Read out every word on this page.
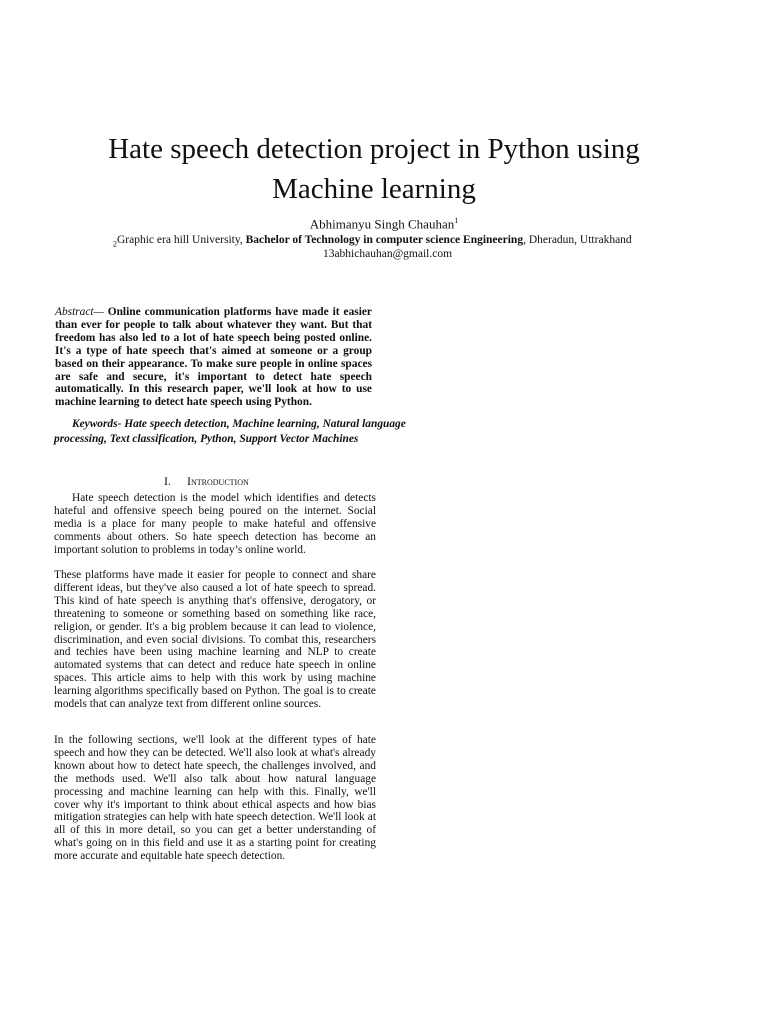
Hate speech detection project in Python using
Machine learning
Abhimanyu Singh Chauhan$^1$
$_2$Graphic era hill University, Bachelor of Technology in computer science Engineering, Dheradun, Uttrakhand
13abhichauhan@gmail.com
Abstract— Online communication platforms have made it easier than ever for people to talk about whatever they want. But that freedom has also led to a lot of hate speech being posted online. It's a type of hate speech that's aimed at someone or a group based on their appearance. To make sure people in online spaces are safe and secure, it's important to detect hate speech automatically. In this research paper, we'll look at how to use machine learning to detect hate speech using Python.
Keywords- Hate speech detection, Machine learning, Natural language processing, Text classification, Python, Support Vector Machines
I. Introduction

Hate speech detection is the model which identifies and detects hateful and offensive speech being poured on the internet. Social media is a place for many people to make hateful and offensive comments about others. So hate speech detection has become an important solution to problems in today’s online world.

These platforms have made it easier for people to connect and share different ideas, but they've also caused a lot of hate speech to spread. This kind of hate speech is anything that's offensive, derogatory, or threatening to someone or something based on something like race, religion, or gender. It's a big problem because it can lead to violence, discrimination, and even social divisions. To combat this, researchers and techies have been using machine learning and NLP to create automated systems that can detect and reduce hate speech in online spaces. This article aims to help with this work by using machine learning algorithms specifically based on Python. The goal is to create models that can analyze text from different online sources.

In the following sections, we'll look at the different types of hate speech and how they can be detected. We'll also look at what's already known about how to detect hate speech, the challenges involved, and the methods used. We'll also talk about how natural language processing and machine learning can help with this. Finally, we'll cover why it's important to think about ethical aspects and how bias mitigation strategies can help with hate speech detection. We'll look at all of this in more detail, so you can get a better understanding of what's going on in this field and use it as a starting point for creating more accurate and equitable hate speech detection.
